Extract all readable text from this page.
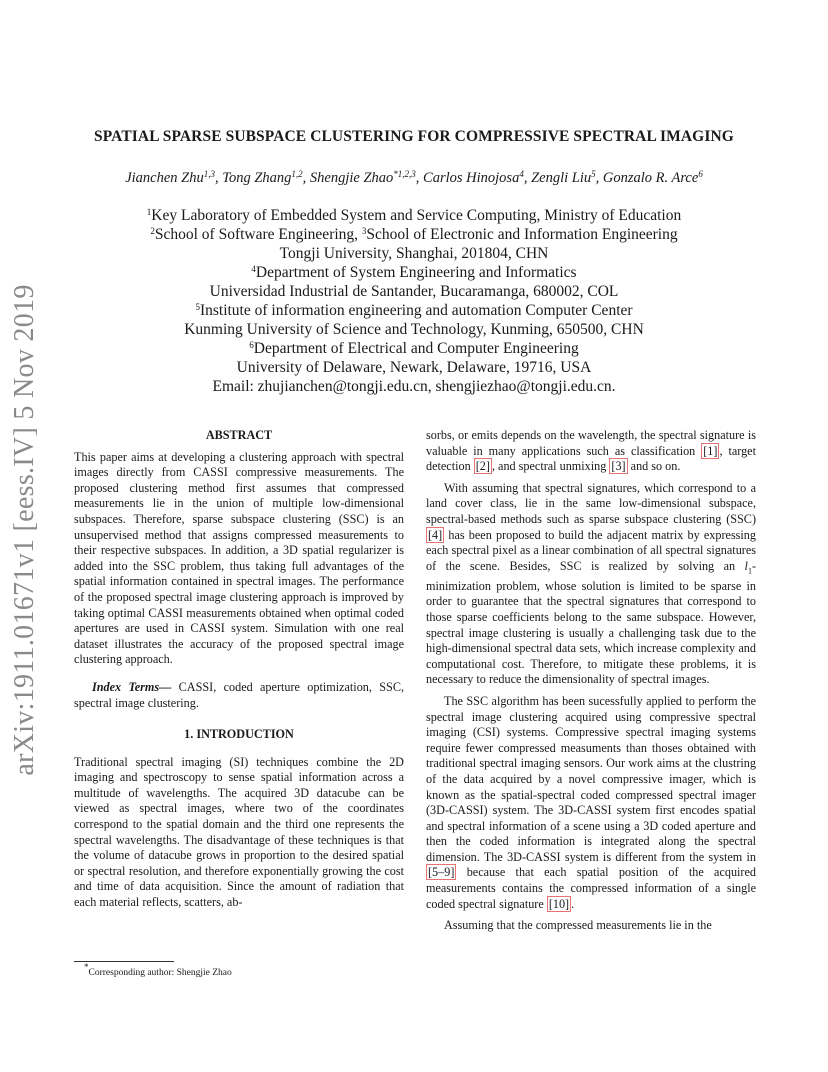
arXiv:1911.01671v1 [eess.IV] 5 Nov 2019
SPATIAL SPARSE SUBSPACE CLUSTERING FOR COMPRESSIVE SPECTRAL IMAGING
Jianchen Zhu$^{1,3}$, Tong Zhang$^{1,2}$, Shengjie Zhao$^{*1,2,3}$, Carlos Hinojosa$^4$, Zengli Liu$^5$, Gonzalo R. Arce$^6$
$^1$Key Laboratory of Embedded System and Service Computing, Ministry of Education
$^2$School of Software Engineering, $^3$School of Electronic and Information Engineering
Tongji University, Shanghai, 201804, CHN
$^4$Department of System Engineering and Informatics
Universidad Industrial de Santander, Bucaramanga, 680002, COL
$^5$Institute of information engineering and automation Computer Center
Kunming University of Science and Technology, Kunming, 650500, CHN
$^6$Department of Electrical and Computer Engineering
University of Delaware, Newark, Delaware, 19716, USA
Email: zhujianchen@tongji.edu.cn, shengjiezhao@tongji.edu.cn.

ABSTRACT

This paper aims at developing a clustering approach with spectral images directly from CASSI compressive measurements. The proposed clustering method first assumes that compressed measurements lie in the union of multiple low-dimensional subspaces. Therefore, sparse subspace clustering (SSC) is an unsupervised method that assigns compressed measurements to their respective subspaces. In addition, a 3D spatial regularizer is added into the SSC problem, thus taking full advantages of the spatial information contained in spectral images. The performance of the proposed spectral image clustering approach is improved by taking optimal CASSI measurements obtained when optimal coded apertures are used in CASSI system. Simulation with one real dataset illustrates the accuracy of the proposed spectral image clustering approach.

Index Terms— CASSI, coded aperture optimization, SSC, spectral image clustering.

1. INTRODUCTION

Traditional spectral imaging (SI) techniques combine the 2D imaging and spectroscopy to sense spatial information across a multitude of wavelengths. The acquired 3D datacube can be viewed as spectral images, where two of the coordinates correspond to the spatial domain and the third one represents the spectral wavelengths. The disadvantage of these techniques is that the volume of datacube grows in proportion to the desired spatial or spectral resolution, and therefore exponentially growing the cost and time of data acquisition. Since the amount of radiation that each material reflects, scatters, ab-

sorbs, or emits depends on the wavelength, the spectral signature is valuable in many applications such as classification [1] , target detection [2] , and spectral unmixing [3] and so on.

With assuming that spectral signatures, which correspond to a land cover class, lie in the same low-dimensional subspace, spectral-based methods such as sparse subspace clustering (SSC) [4] has been proposed to build the adjacent matrix by expressing each spectral pixel as a linear combination of all spectral signatures of the scene. Besides, SSC is realized by solving an $l_1$-minimization problem, whose solution is limited to be sparse in order to guarantee that the spectral signatures that correspond to those sparse coefficients belong to the same subspace. However, spectral image clustering is usually a challenging task due to the high-dimensional spectral data sets, which increase complexity and computational cost. Therefore, to mitigate these problems, it is necessary to reduce the dimensionality of spectral images.

The SSC algorithm has been sucessfully applied to perform the spectral image clustering acquired using compressive spectral imaging (CSI) systems. Compressive spectral imaging systems require fewer compressed measuments than thoses obtained with traditional spectral imaging sensors. Our work aims at the clustring of the data acquired by a novel compressive imager, which is known as the spatial-spectral coded compressed spectral imager (3D-CASSI) system. The 3D-CASSI system first encodes spatial and spectral information of a scene using a 3D coded aperture and then the coded information is integrated along the spectral dimension. The 3D-CASSI system is different from the system in [5–9] because that each spatial position of the acquired measurements contains the compressed information of a single coded spectral signature [10] .

Assuming that the compressed measurements lie in the

*Corresponding author: Shengjie Zhao
